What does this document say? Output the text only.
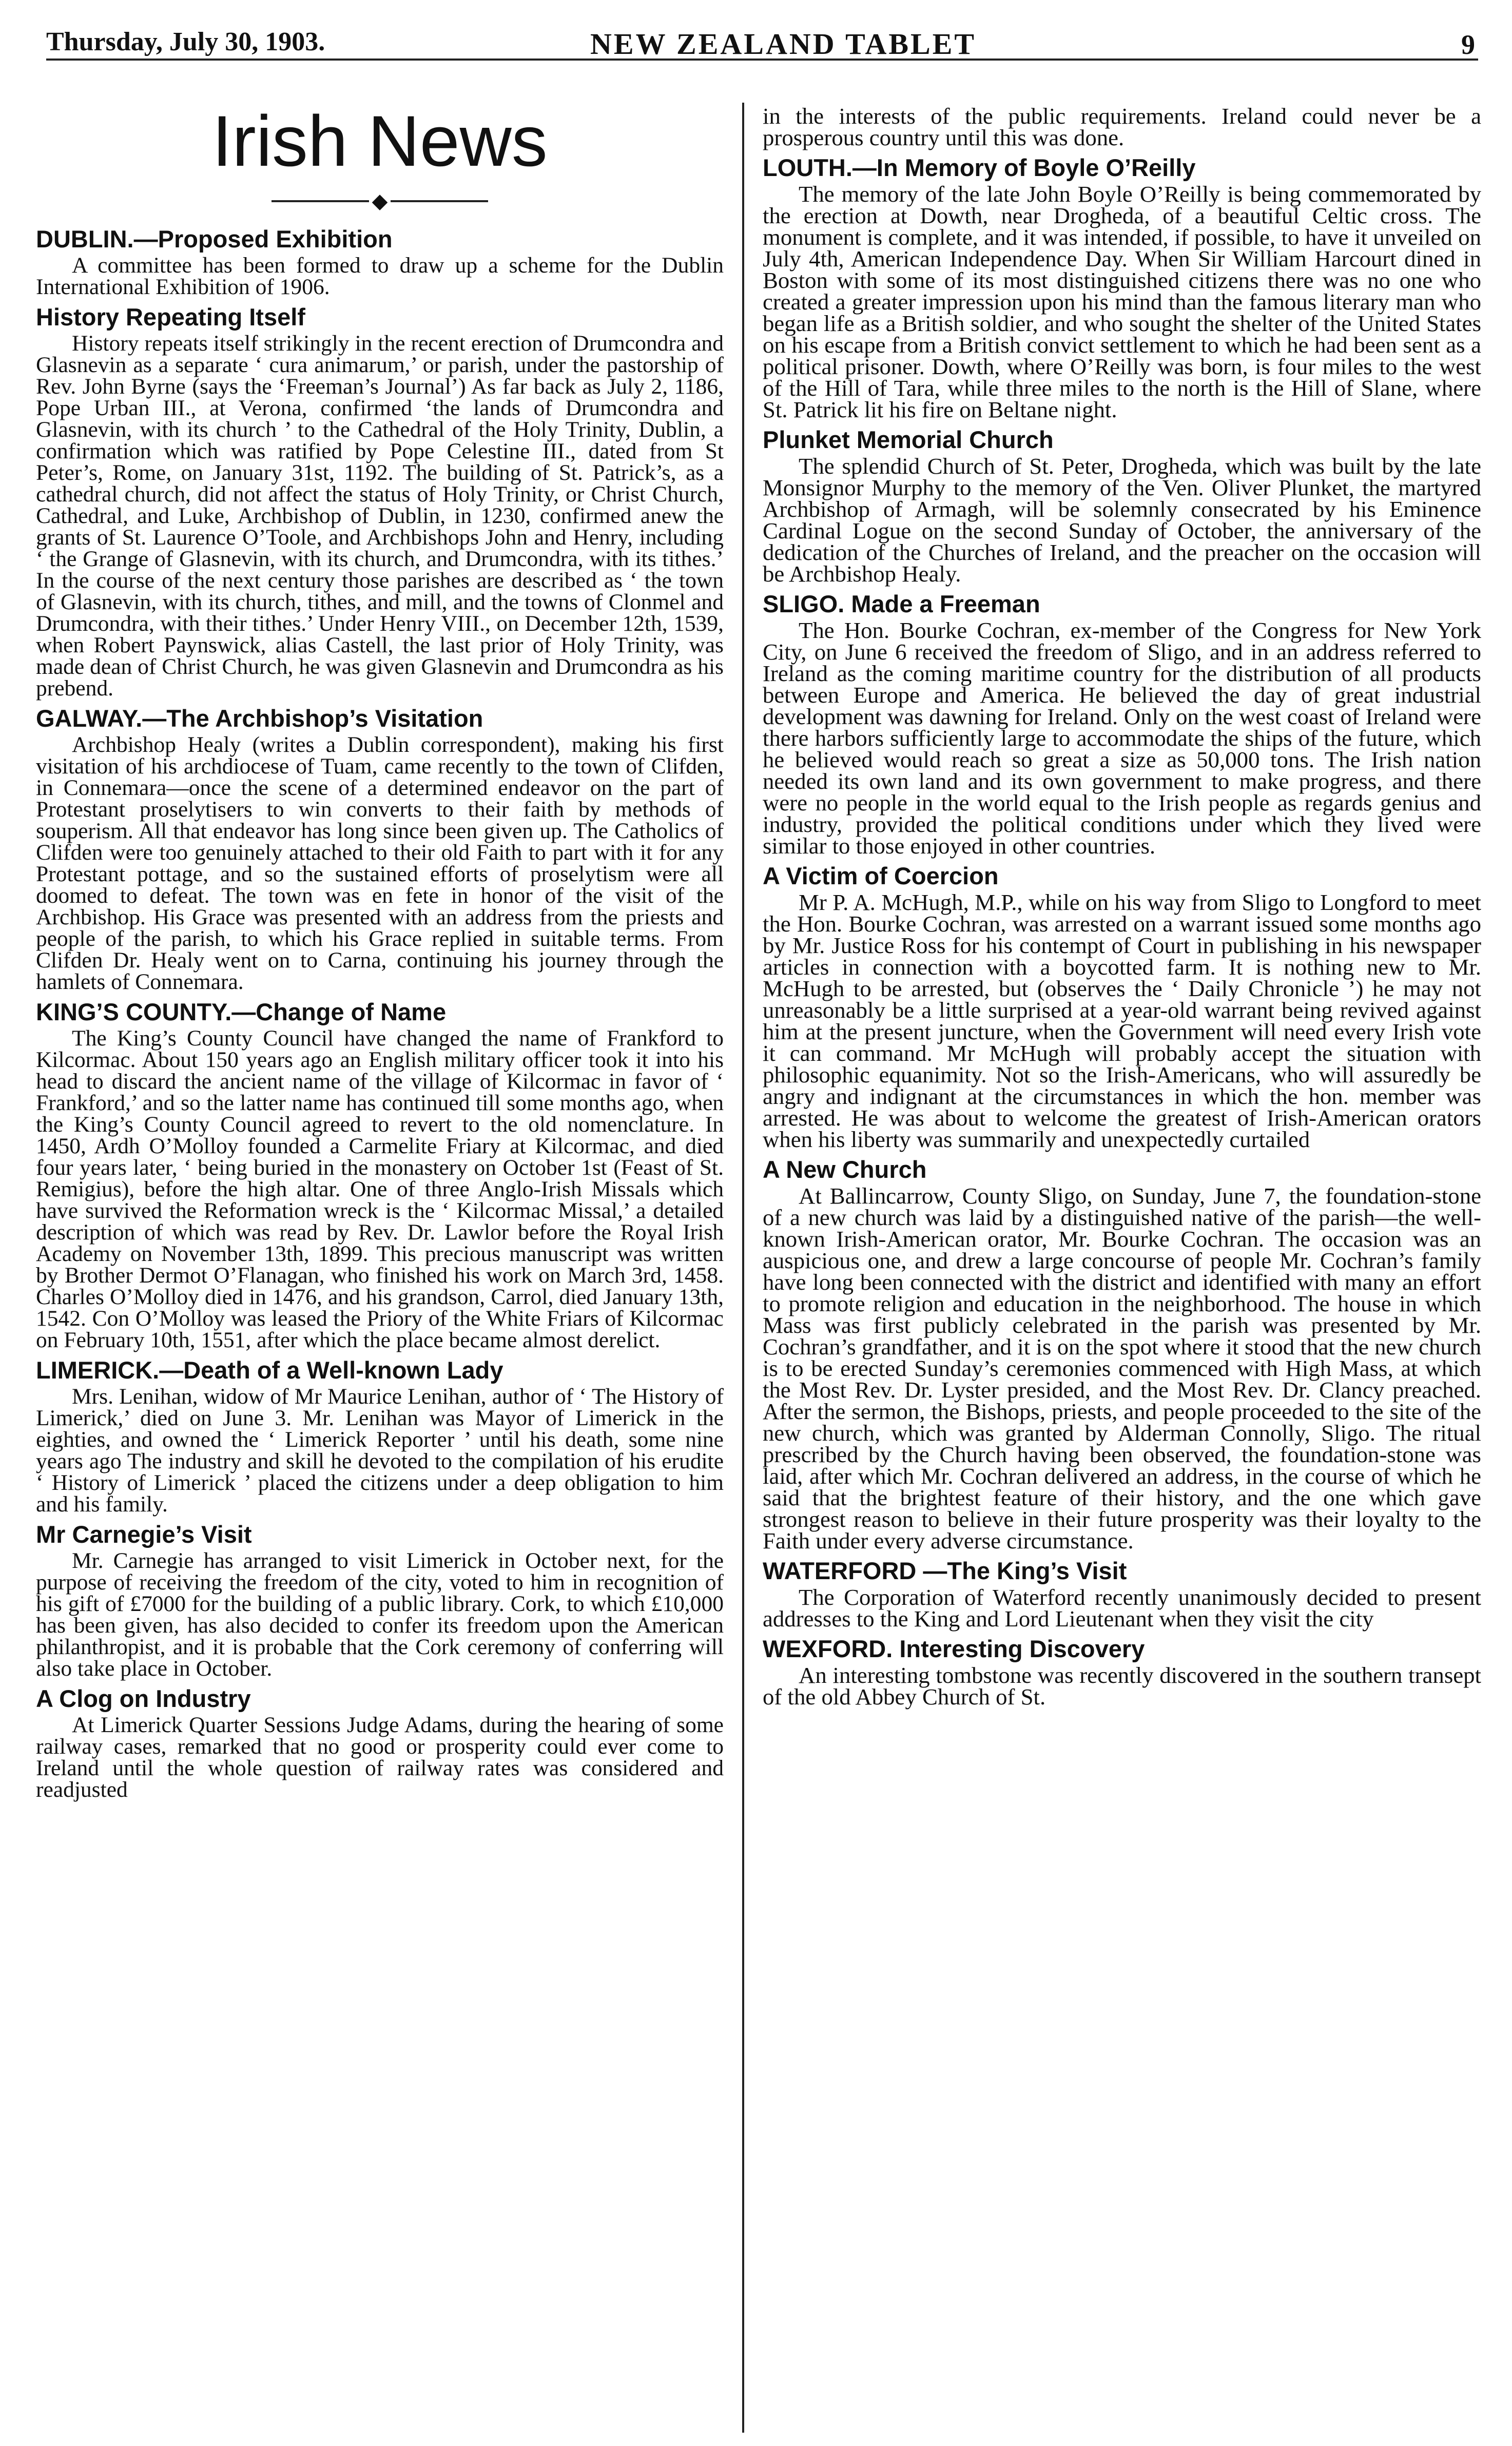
Thursday, July 30, 1903.	NEW ZEALAND TABLET	9
Irish News
◆
DUBLIN.—Proposed Exhibition

A committee has been formed to draw up a scheme for the Dublin International Exhibition of 1906.

History Repeating Itself

History repeats itself strikingly in the recent erection of Drumcondra and Glasnevin as a separate ‘ cura animarum,’ or parish, under the pastorship of Rev. John Byrne (says the ‘Freeman’s Journal’) As far back as July 2, 1186, Pope Urban III., at Verona, confirmed ‘the lands of Drumcondra and Glasnevin, with its church ’ to the Cathedral of the Holy Trinity, Dublin, a confirmation which was ratified by Pope Celestine III., dated from St Peter’s, Rome, on January 31st, 1192. The building of St. Patrick’s, as a cathedral church, did not affect the status of Holy Trinity, or Christ Church, Cathedral, and Luke, Archbishop of Dublin, in 1230, confirmed anew the grants of St. Laurence O’Toole, and Archbishops John and Henry, including ‘ the Grange of Glasnevin, with its church, and Drumcondra, with its tithes.’ In the course of the next century those parishes are described as ‘ the town of Glasnevin, with its church, tithes, and mill, and the towns of Clonmel and Drumcondra, with their tithes.’ Under Henry VIII., on December 12th, 1539, when Robert Paynswick, alias Castell, the last prior of Holy Trinity, was made dean of Christ Church, he was given Glasnevin and Drumcondra as his prebend.

GALWAY.—The Archbishop’s Visitation

Archbishop Healy (writes a Dublin correspondent), making his first visitation of his archdiocese of Tuam, came recently to the town of Clifden, in Connemara—once the scene of a determined endeavor on the part of Protestant proselytisers to win converts to their faith by methods of souperism. All that endeavor has long since been given up. The Catholics of Clifden were too genuinely attached to their old Faith to part with it for any Protestant pottage, and so the sustained efforts of proselytism were all doomed to defeat. The town was en fete in honor of the visit of the Archbishop. His Grace was presented with an address from the priests and people of the parish, to which his Grace replied in suitable terms. From Clifden Dr. Healy went on to Carna, continuing his journey through the hamlets of Connemara.

KING’S COUNTY.—Change of Name

The King’s County Council have changed the name of Frankford to Kilcormac. About 150 years ago an English military officer took it into his head to discard the ancient name of the village of Kilcormac in favor of ‘ Frankford,’ and so the latter name has continued till some months ago, when the King’s County Council agreed to revert to the old nomenclature. In 1450, Ardh O’Molloy founded a Carmelite Friary at Kilcormac, and died four years later, ‘ being buried in the monastery on October 1st (Feast of St. Remigius), before the high altar. One of three Anglo-Irish Missals which have survived the Reformation wreck is the ‘ Kilcormac Missal,’ a detailed description of which was read by Rev. Dr. Lawlor before the Royal Irish Academy on November 13th, 1899. This precious manuscript was written by Brother Dermot O’Flanagan, who finished his work on March 3rd, 1458. Charles O’Molloy died in 1476, and his grandson, Carrol, died January 13th, 1542. Con O’Molloy was leased the Priory of the White Friars of Kilcormac on February 10th, 1551, after which the place became almost derelict.

LIMERICK.—Death of a Well-known Lady

Mrs. Lenihan, widow of Mr Maurice Lenihan, author of ‘ The History of Limerick,’ died on June 3. Mr. Lenihan was Mayor of Limerick in the eighties, and owned the ‘ Limerick Reporter ’ until his death, some nine years ago The industry and skill he devoted to the compilation of his erudite ‘ History of Limerick ’ placed the citizens under a deep obligation to him and his family.

Mr Carnegie’s Visit

Mr. Carnegie has arranged to visit Limerick in October next, for the purpose of receiving the freedom of the city, voted to him in recognition of his gift of £7000 for the building of a public library. Cork, to which £10,000 has been given, has also decided to confer its freedom upon the American philanthropist, and it is probable that the Cork ceremony of conferring will also take place in October.

A Clog on Industry

At Limerick Quarter Sessions Judge Adams, during the hearing of some railway cases, remarked that no good or prosperity could ever come to Ireland until the whole question of railway rates was considered and readjusted

in the interests of the public requirements. Ireland could never be a prosperous country until this was done.

LOUTH.—In Memory of Boyle O’Reilly

The memory of the late John Boyle O’Reilly is being commemorated by the erection at Dowth, near Drogheda, of a beautiful Celtic cross. The monument is complete, and it was intended, if possible, to have it unveiled on July 4th, American Independence Day. When Sir William Harcourt dined in Boston with some of its most distinguished citizens there was no one who created a greater impression upon his mind than the famous literary man who began life as a British soldier, and who sought the shelter of the United States on his escape from a British convict settlement to which he had been sent as a political prisoner. Dowth, where O’Reilly was born, is four miles to the west of the Hill of Tara, while three miles to the north is the Hill of Slane, where St. Patrick lit his fire on Beltane night.

Plunket Memorial Church

The splendid Church of St. Peter, Drogheda, which was built by the late Monsignor Murphy to the memory of the Ven. Oliver Plunket, the martyred Archbishop of Armagh, will be solemnly consecrated by his Eminence Cardinal Logue on the second Sunday of October, the anniversary of the dedication of the Churches of Ireland, and the preacher on the occasion will be Archbishop Healy.

SLIGO. Made a Freeman

The Hon. Bourke Cochran, ex-member of the Congress for New York City, on June 6 received the freedom of Sligo, and in an address referred to Ireland as the coming maritime country for the distribution of all products between Europe and America. He believed the day of great industrial development was dawning for Ireland. Only on the west coast of Ireland were there harbors sufficiently large to accommodate the ships of the future, which he believed would reach so great a size as 50,000 tons. The Irish nation needed its own land and its own government to make progress, and there were no people in the world equal to the Irish people as regards genius and industry, provided the political conditions under which they lived were similar to those enjoyed in other countries.

A Victim of Coercion

Mr P. A. McHugh, M.P., while on his way from Sligo to Longford to meet the Hon. Bourke Cochran, was arrested on a warrant issued some months ago by Mr. Justice Ross for his contempt of Court in publishing in his newspaper articles in connection with a boycotted farm. It is nothing new to Mr. McHugh to be arrested, but (observes the ‘ Daily Chronicle ’) he may not unreasonably be a little surprised at a year-old warrant being revived against him at the present juncture, when the Government will need every Irish vote it can command. Mr McHugh will probably accept the situation with philosophic equanimity. Not so the Irish-Americans, who will assuredly be angry and indignant at the circumstances in which the hon. member was arrested. He was about to welcome the greatest of Irish-American orators when his liberty was summarily and unexpectedly curtailed

A New Church

At Ballincarrow, County Sligo, on Sunday, June 7, the foundation-stone of a new church was laid by a distinguished native of the parish—the well-known Irish-American orator, Mr. Bourke Cochran. The occasion was an auspicious one, and drew a large concourse of people Mr. Cochran’s family have long been connected with the district and identified with many an effort to promote religion and education in the neighborhood. The house in which Mass was first publicly celebrated in the parish was presented by Mr. Cochran’s grandfather, and it is on the spot where it stood that the new church is to be erected Sunday’s ceremonies commenced with High Mass, at which the Most Rev. Dr. Lyster presided, and the Most Rev. Dr. Clancy preached. After the sermon, the Bishops, priests, and people proceeded to the site of the new church, which was granted by Alderman Connolly, Sligo. The ritual prescribed by the Church having been observed, the foundation-stone was laid, after which Mr. Cochran delivered an address, in the course of which he said that the brightest feature of their history, and the one which gave strongest reason to believe in their future prosperity was their loyalty to the Faith under every adverse circumstance.

WATERFORD —The King’s Visit

The Corporation of Waterford recently unanimously decided to present addresses to the King and Lord Lieutenant when they visit the city

WEXFORD. Interesting Discovery

An interesting tombstone was recently discovered in the southern transept of the old Abbey Church of St.
